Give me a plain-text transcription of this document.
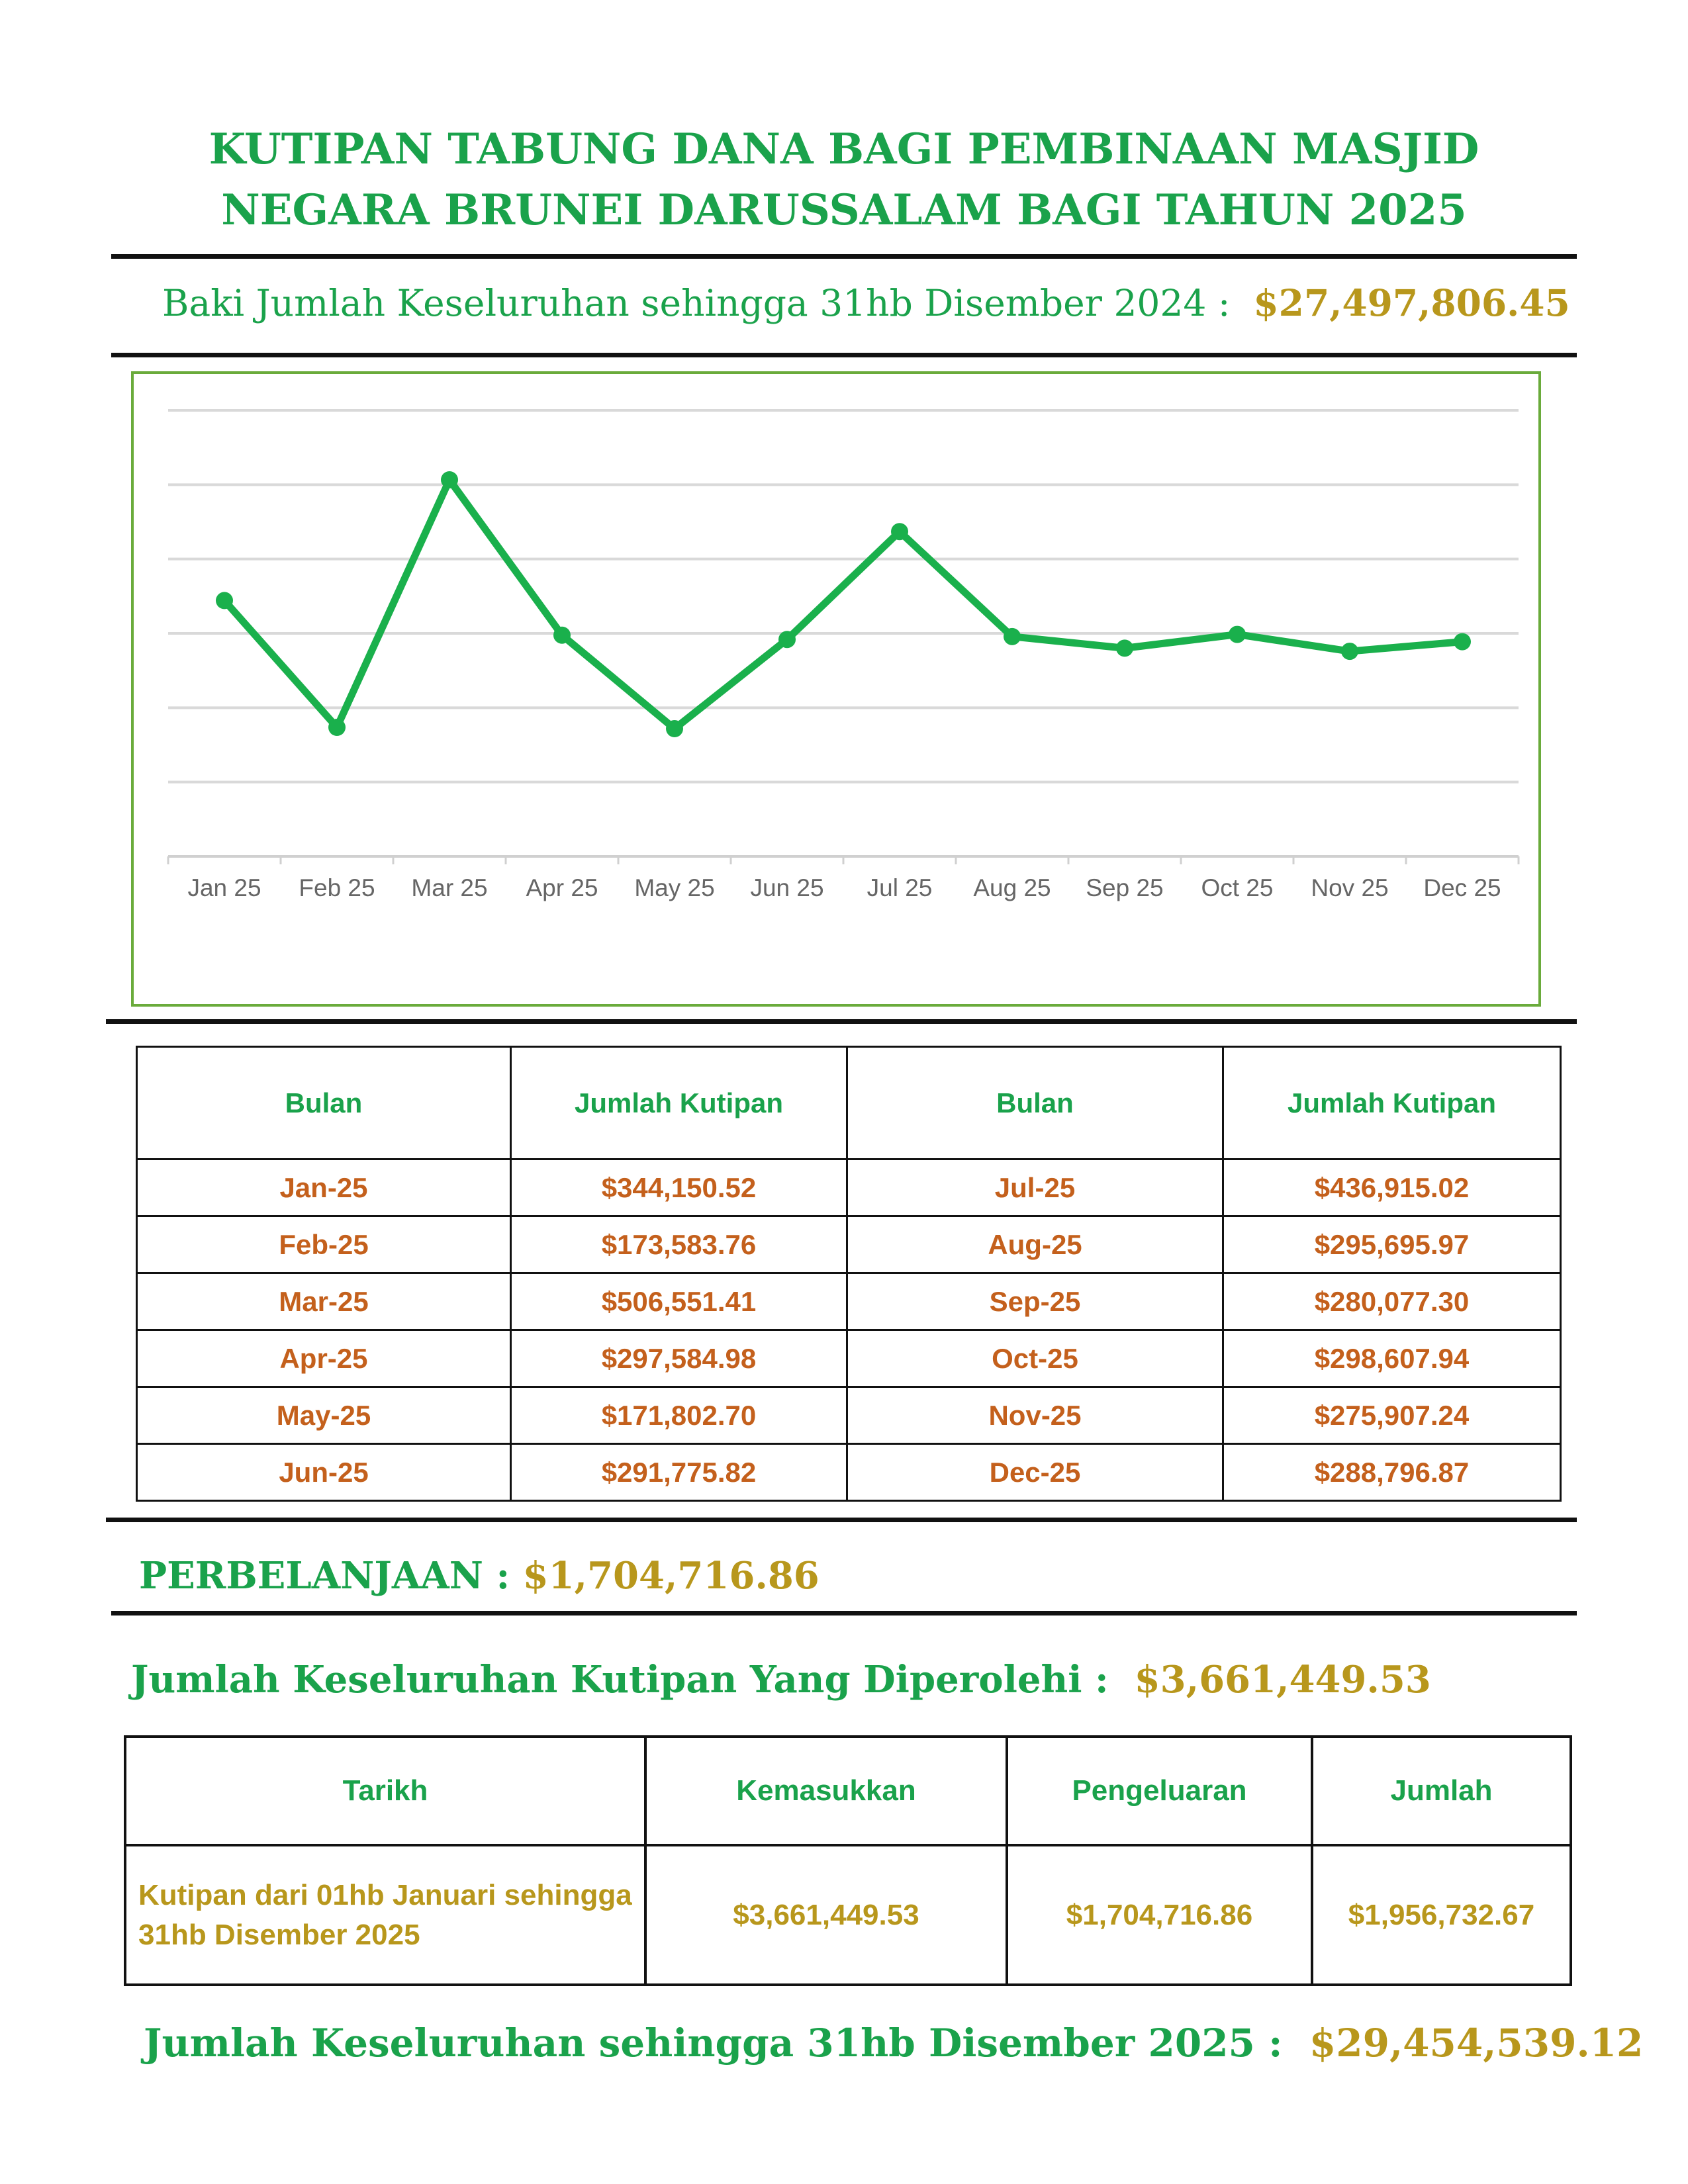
KUTIPAN TABUNG DANA BAGI PEMBINAAN MASJID
NEGARA BRUNEI DARUSSALAM BAGI TAHUN 2025
Baki Jumlah Keseluruhan sehingga 31hb Disember 2024 : $27,497,806.45
Jan 25 Feb 25 Mar 25 Apr 25 May 25 Jun 25 Jul 25 Aug 25 Sep 25 Oct 25 Nov 25 Dec 25
Bulan	Jumlah Kutipan	Bulan	Jumlah Kutipan
Jan-25	$344,150.52	Jul-25	$436,915.02
Feb-25	$173,583.76	Aug-25	$295,695.97
Mar-25	$506,551.41	Sep-25	$280,077.30
Apr-25	$297,584.98	Oct-25	$298,607.94
May-25	$171,802.70	Nov-25	$275,907.24
Jun-25	$291,775.82	Dec-25	$288,796.87
PERBELANJAAN : $1,704,716.86
Jumlah Keseluruhan Kutipan Yang Diperolehi : $3,661,449.53
Tarikh	Kemasukkan	Pengeluaran	Jumlah
Kutipan dari 01hb Januari sehingga 31hb Disember 2025	$3,661,449.53	$1,704,716.86	$1,956,732.67
Jumlah Keseluruhan sehingga 31hb Disember 2025 : $29,454,539.12
